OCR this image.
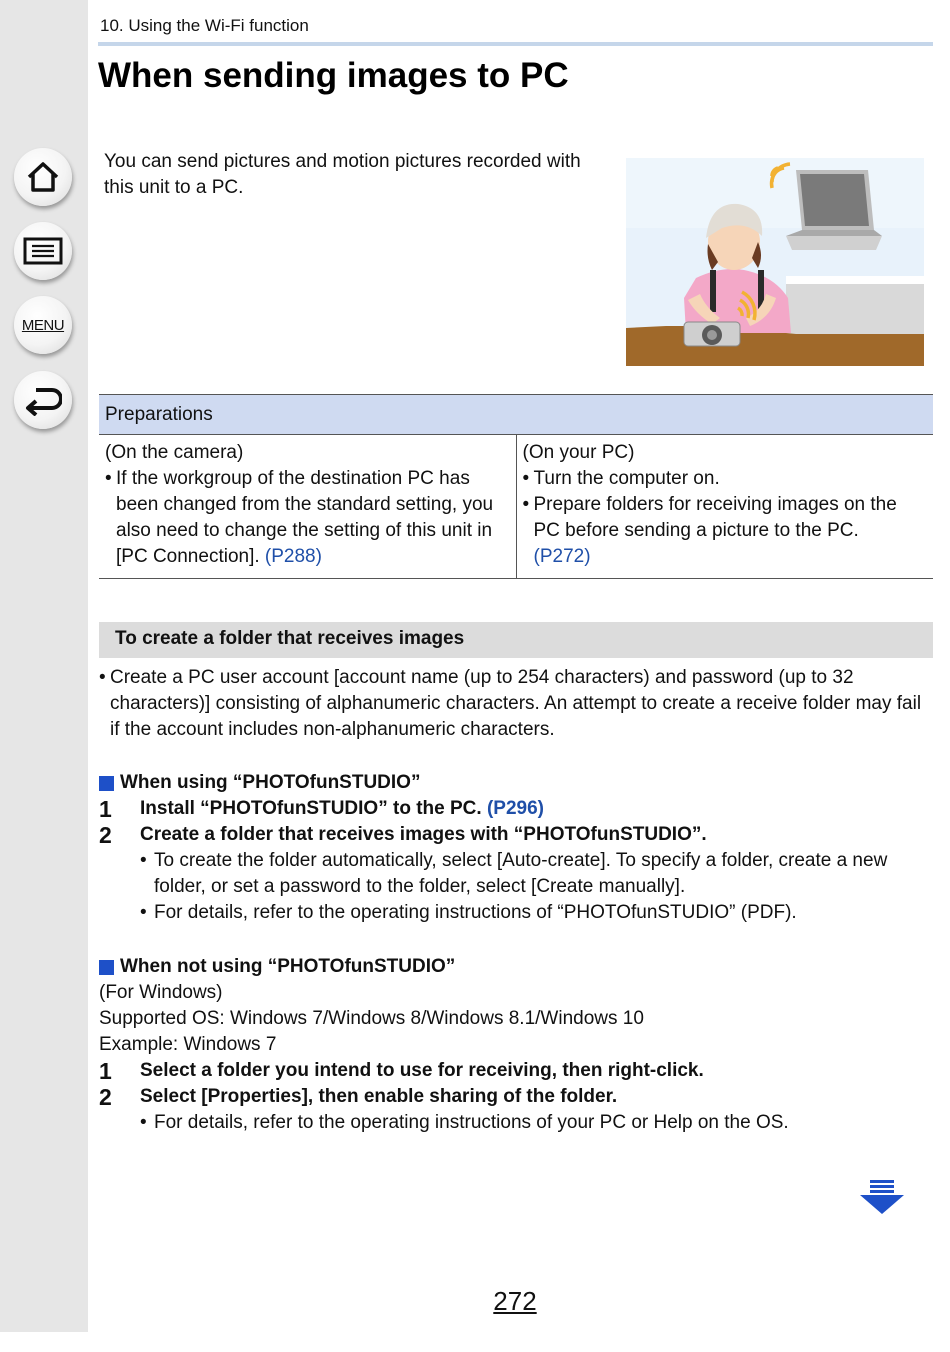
MENU
10. Using the Wi-Fi function
When sending images to PC
You can send pictures and motion pictures recorded with this unit to a PC.
Preparations

(On the camera)
• If the workgroup of the destination PC has been changed from the standard setting, you also need to change the setting of this unit in [PC Connection]. (P288)

(On your PC)
• Turn the computer on.
• Prepare folders for receiving images on the PC before sending a picture to the PC.
(P272)
To create a folder that receives images
• Create a PC user account [account name (up to 254 characters) and password (up to 32 characters)] consisting of alphanumeric characters. An attempt to create a receive folder may fail if the account includes non-alphanumeric characters.
When using “PHOTOfunSTUDIO”
1	Install “PHOTOfunSTUDIO” to the PC. (P296)
2	Create a folder that receives images with “PHOTOfunSTUDIO”.
• To create the folder automatically, select [Auto-create]. To specify a folder, create a new folder, or set a password to the folder, select [Create manually].
• For details, refer to the operating instructions of “PHOTOfunSTUDIO” (PDF).
When not using “PHOTOfunSTUDIO”
(For Windows)
Supported OS: Windows 7/Windows 8/Windows 8.1/Windows 10
Example: Windows 7
1	Select a folder you intend to use for receiving, then right-click.
2	Select [Properties], then enable sharing of the folder.
• For details, refer to the operating instructions of your PC or Help on the OS.
272
